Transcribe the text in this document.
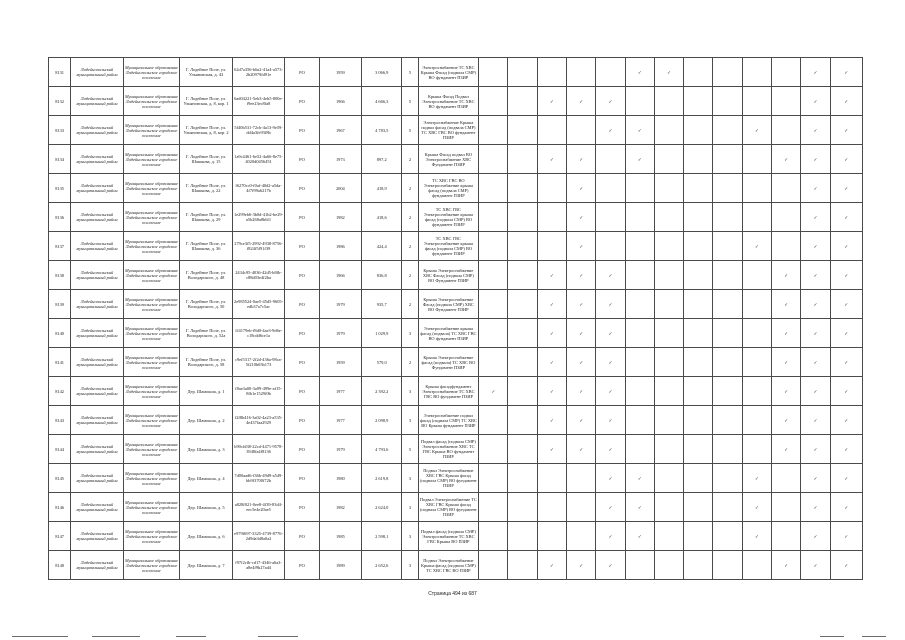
8131	Ладейнопольский муниципальный район	Муниципальное образование Ладейнопольское городское поселение	Г. Лодейное Поле, ул. Ульяновская, д. 43	62d7a356-b6a2-41a4-a573-2b20979fd91e	РО	1959	3 066,9	5	Электроснабжение ТС ХВС Крыша Фасад (подвала СМР) ВО фундамент ПЗИР						✓	✓					✓	✓
8132	Ладейнопольский муниципальный район	Муниципальное образование Ладейнопольское городское поселение	Г. Лодейное Поле, ул. Ульяновская, д. 8, кор. 1	6ad04221-5eb3-4eb5-800e-f9ee23ec8fa8	РО	1966	4 666,3	5	Крыша Фасад Подвал Электроснабжение ТС ХВС ВО фундамент ПЗИР			✓	✓	✓							✓	✓
8133	Ладейнопольский муниципальный район	Муниципальное образование Ладейнопольское городское поселение	Г. Лодейное Поле, ул. Ульяновская, д. 8, кор. 2	5f40b531-72cb-4a13-9e59-dd4a3fe93f8b	РО	1967	4 783,5	5	Электроснабжение Крыша подвал фасад (подвала СМР) ТС ХВС ГВС ВО фундамент ПЗИР					✓	✓				✓		✓	✓
8134	Ладейнопольский муниципальный район	Муниципальное образование Ладейнопольское городское поселение	Г. Лодейное Поле, ул. Шашкова, д. 15	1a9c4461-6e52-4a66-8e75-4020d0456451	РО	1973	897,2	2	Крыша Фасад подвал ВО Электроснабжение ХВС Фундамент ПЗИР			✓	✓		✓					✓	✓	✓
8135	Ладейнопольский муниципальный район	Муниципальное образование Ладейнопольское городское поселение	Г. Лодейное Поле, ул. Шашкова, д. 22	f6270cc0-f0af-40d2-a5da-4f7f99a6217b	РО	2004	418,9	2	ТС ХВС ГВС ВО Электроснабжение крыша фасад (подвала СМР) фундамент ПЗИР				✓								✓	✓
8136	Ладейнопольский муниципальный район	Муниципальное образование Ладейнопольское городское поселение	Г. Лодейное Поле, ул. Шашкова, д. 29	1e299eb6-3b0d-41b2-be29-a5b268a8b6f1	РО	1982	418,6	2	ТС ХВС ГВС Электроснабжение крыша фасад (подвала СМР) ВО фундамент ПЗИР				✓								✓	✓
8137	Ладейнопольский муниципальный район	Муниципальное образование Ладейнопольское городское поселение	Г. Лодейное Поле, ул. Шашкова, д. 36	279ce3f5-2992-4938-8756-f824f5f91f39	РО	1986	424,4	2	ТС ХВС ГВС Электроснабжение крыша фасад (подвала СМР) ВО фундамент ПЗИР				✓						✓		✓	✓
8138	Ладейнопольский муниципальный район	Муниципальное образование Ладейнопольское городское поселение	Г. Лодейное Поле, ул. Володарского, д. 48	2434c95-4036-42d5-b8fb-c88d03e4f2ba	РО	1966	836,8	2	Крыша Электроснабжение ХВС Фасад (подвала СМР) ВО Фундамент ПЗИР			✓	✓	✓						✓	✓	✓
8139	Ладейнопольский муниципальный район	Муниципальное образование Ладейнопольское городское поселение	Г. Лодейное Поле, ул. Володарского, д. 50	2e985524-0ae5-45d5-9605-edb37a7c5ac	РО	1979	935,7	2	Крыша Электроснабжение Фасад (подвала СМР) ХВС ВО Фундамент ПЗИР			✓	✓	✓						✓	✓	✓
8140	Ладейнопольский муниципальный район	Муниципальное образование Ладейнопольское городское поселение	Г. Лодейное Поле, ул. Володарского, д. 52а	1f4179eb-f8d0-4ae3-9d6e-c18cdd6ce1a	РО	1979	1 029,9	3	Электроснабжение крыша фасад (подвала) ТС ХВС ГВС ВО фундамент ПЗИР			✓	✓	✓						✓	✓	✓
8141	Ладейнопольский муниципальный район	Муниципальное образование Ладейнопольское городское поселение	Г. Лодейное Поле, ул. Володарского, д. 58	c9ef5317-2f2d-436a-98ca-5f210b65b173	РО	1959	579,0	2	Крыша Электроснабжение фасад (подвала) ТС ХВС ВО Фундамент ПЗИР			✓	✓	✓						✓	✓	✓
8142	Ладейнопольский муниципальный район	Муниципальное образование Ладейнопольское городское поселение	Дер. Шамокша, д. 1	f8ae3a00-3a99-499e-af15-8fb1e1529f0b	РО	1977	2 392,2	3	Крыша фасадфундамент Электроснабжение ТС ХВС ГВС ВО фундамент ПЗИР	✓		✓	✓	✓						✓	✓	✓
8143	Ладейнопольский муниципальный район	Муниципальное образование Ладейнопольское городское поселение	Дер. Шамокша, д. 2	f2f8b416-3a02-4a23-a535-4e437faa2929	РО	1977	2 098,9	3	Электроснабжение подвал фасад (подвала СМР) ТС ХВС ВО Крыша фундамент ПЗИР			✓	✓	✓						✓	✓	✓
8144	Ладейнопольский муниципальный район	Муниципальное образование Ладейнопольское городское поселение	Дер. Шамокша, д. 3	b90cfd38-22cd-4471-9578-3948fa4f8136	РО	1979	4 793,6	5	Подвал фасад (подвала СМР) Электроснабжение ХВС ТС ГВС Крыша ВО фундамент ПЗИР			✓	✓	✓						✓	✓	✓
8145	Ладейнопольский муниципальный район	Муниципальное образование Ладейнопольское городское поселение	Дер. Шамокша, д. 4	7d00aad6-f36b-49d9-a549-bb9f3700f72b	РО	1980	2 619,8	3	Подвал Электроснабжение ХВС ГВС Крыша фасад (подвала СМР) ВО фундамент ПЗИР					✓	✓				✓		✓	✓
8146	Ладейнопольский муниципальный район	Муниципальное образование Ладейнопольское городское поселение	Дер. Шамокша, д. 5	a828f021-0ee8-4f39-83d4-eec5e4e20ae5	РО	1982	2 624,0	3	Подвал Электроснабжение ТС ХВС ГВС Крыша фасад (подвала СМР) ВО фундамент ПЗИР					✓	✓				✓		✓	✓
8147	Ладейнопольский муниципальный район	Муниципальное образование Ладейнопольское городское поселение	Дер. Шамокша, д. 6	e979f697-3325-4739-8776-2d9da3d8a0a2	РО	1985	2 598,1	3	Подвал фасад (подвала СМР) Электроснабжение ТС ХВС ГВС Крыша ВО ПЗИР					✓	✓				✓		✓	✓
8148	Ладейнопольский муниципальный район	Муниципальное образование Ладейнопольское городское поселение	Дер. Шамокша, д. 7	f97f2cfb-cd17-4346-a6a3-a8e4f9b27ad4	РО	1989	2 652,6	3	Подвал Электроснабжение Крыша фасад (подвала СМР) ТС ХВС ГВС ВО ПЗИР			✓	✓	✓						✓	✓	✓
Страница 494 из 687
